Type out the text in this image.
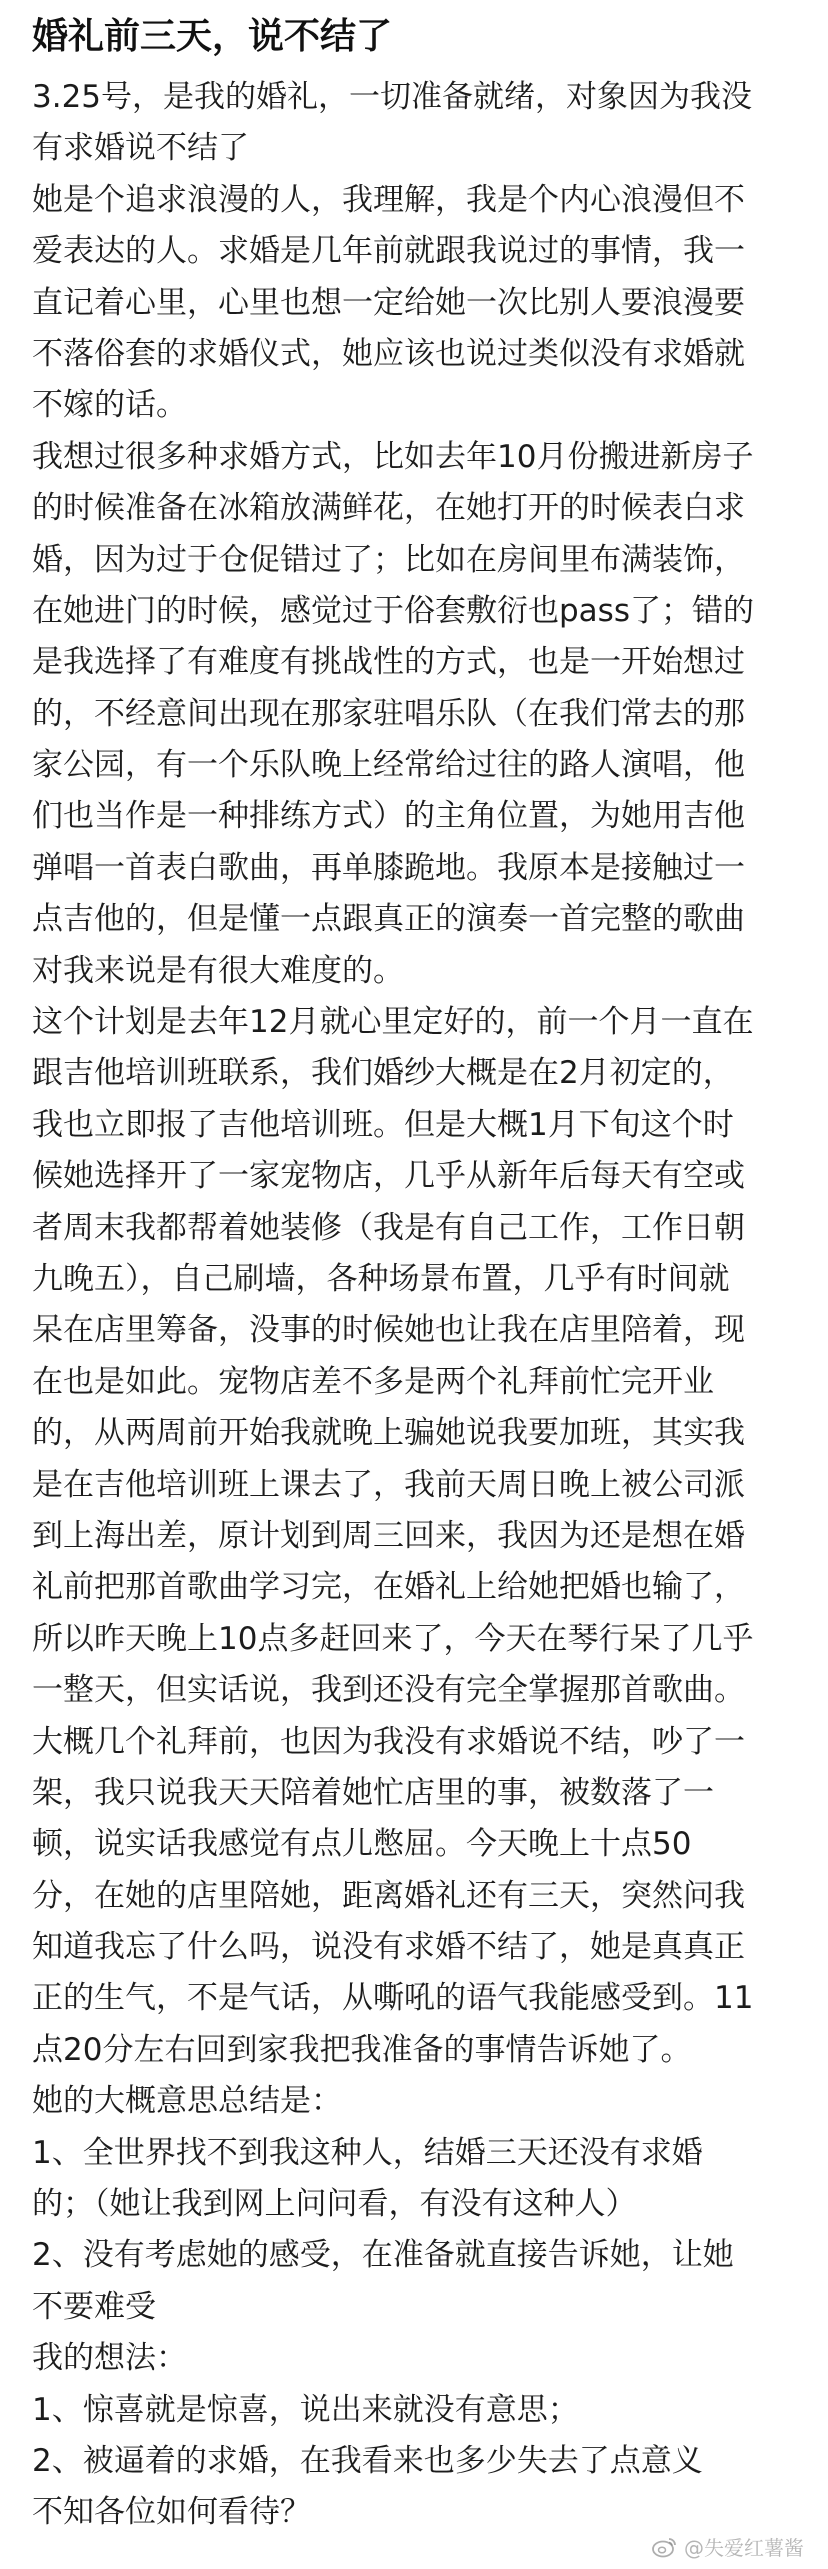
婚礼前三天，说不结了
3.25号，是我的婚礼，一切准备就绪，对象因为我没
有求婚说不结了
她是个追求浪漫的人，我理解，我是个内心浪漫但不
爱表达的人。求婚是几年前就跟我说过的事情，我一
直记着心里，心里也想一定给她一次比别人要浪漫要
不落俗套的求婚仪式，她应该也说过类似没有求婚就
不嫁的话。
我想过很多种求婚方式，比如去年10月份搬进新房子
的时候准备在冰箱放满鲜花，在她打开的时候表白求
婚，因为过于仓促错过了；比如在房间里布满装饰，
在她进门的时候，感觉过于俗套敷衍也pass了；错的
是我选择了有难度有挑战性的方式，也是一开始想过
的，不经意间出现在那家驻唱乐队（在我们常去的那
家公园，有一个乐队晚上经常给过往的路人演唱，他
们也当作是一种排练方式）的主角位置，为她用吉他
弹唱一首表白歌曲，再单膝跪地。我原本是接触过一
点吉他的，但是懂一点跟真正的演奏一首完整的歌曲
对我来说是有很大难度的。
这个计划是去年12月就心里定好的，前一个月一直在
跟吉他培训班联系，我们婚纱大概是在2月初定的，
我也立即报了吉他培训班。但是大概1月下旬这个时
候她选择开了一家宠物店，几乎从新年后每天有空或
者周末我都帮着她装修（我是有自己工作，工作日朝
九晚五），自己刷墙，各种场景布置，几乎有时间就
呆在店里筹备，没事的时候她也让我在店里陪着，现
在也是如此。宠物店差不多是两个礼拜前忙完开业
的，从两周前开始我就晚上骗她说我要加班，其实我
是在吉他培训班上课去了，我前天周日晚上被公司派
到上海出差，原计划到周三回来，我因为还是想在婚
礼前把那首歌曲学习完，在婚礼上给她把婚也输了，
所以昨天晚上10点多赶回来了，今天在琴行呆了几乎
一整天，但实话说，我到还没有完全掌握那首歌曲。
大概几个礼拜前，也因为我没有求婚说不结，吵了一
架，我只说我天天陪着她忙店里的事，被数落了一
顿，说实话我感觉有点儿憋屈。今天晚上十点50
分，在她的店里陪她，距离婚礼还有三天，突然问我
知道我忘了什么吗，说没有求婚不结了，她是真真正
正的生气，不是气话，从嘶吼的语气我能感受到。11
点20分左右回到家我把我准备的事情告诉她了。
她的大概意思总结是：
1、全世界找不到我这种人，结婚三天还没有求婚
的；（她让我到网上问问看，有没有这种人）
2、没有考虑她的感受，在准备就直接告诉她，让她
不要难受
我的想法：
1、惊喜就是惊喜，说出来就没有意思；
2、被逼着的求婚，在我看来也多少失去了点意义
不知各位如何看待？
@失爱红薯酱
